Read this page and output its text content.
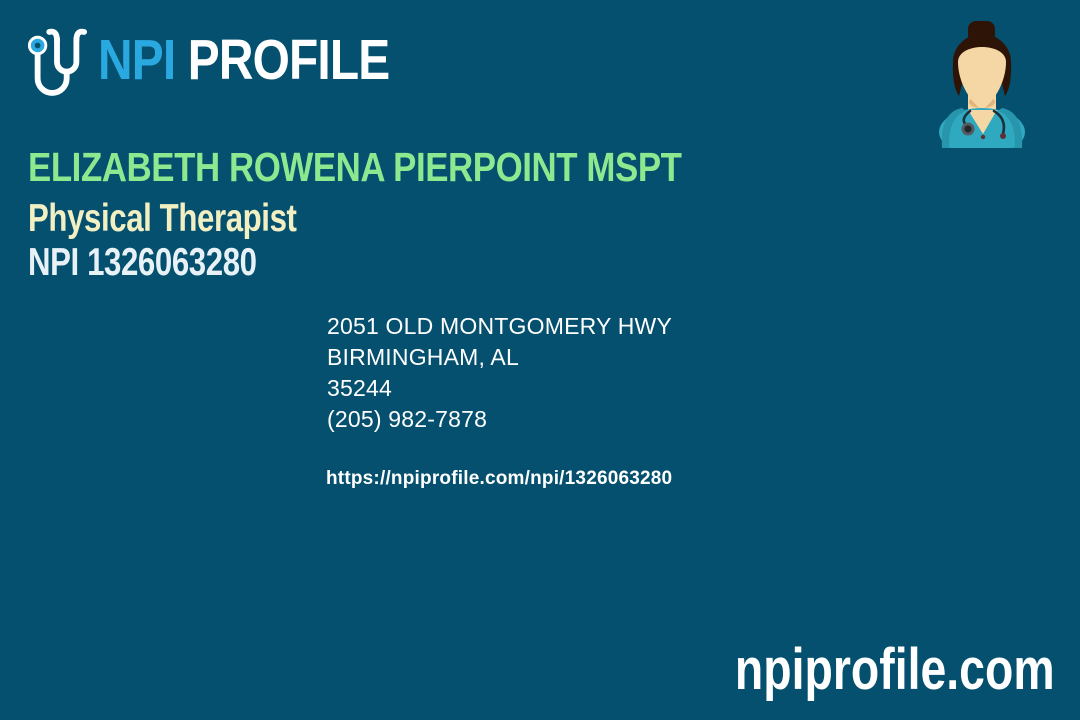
NPI PROFILE
ELIZABETH ROWENA PIERPOINT MSPT
Physical Therapist
NPI 1326063280
2051 OLD MONTGOMERY HWY
BIRMINGHAM, AL
35244
(205) 982-7878
https://npiprofile.com/npi/1326063280
npiprofile.com
